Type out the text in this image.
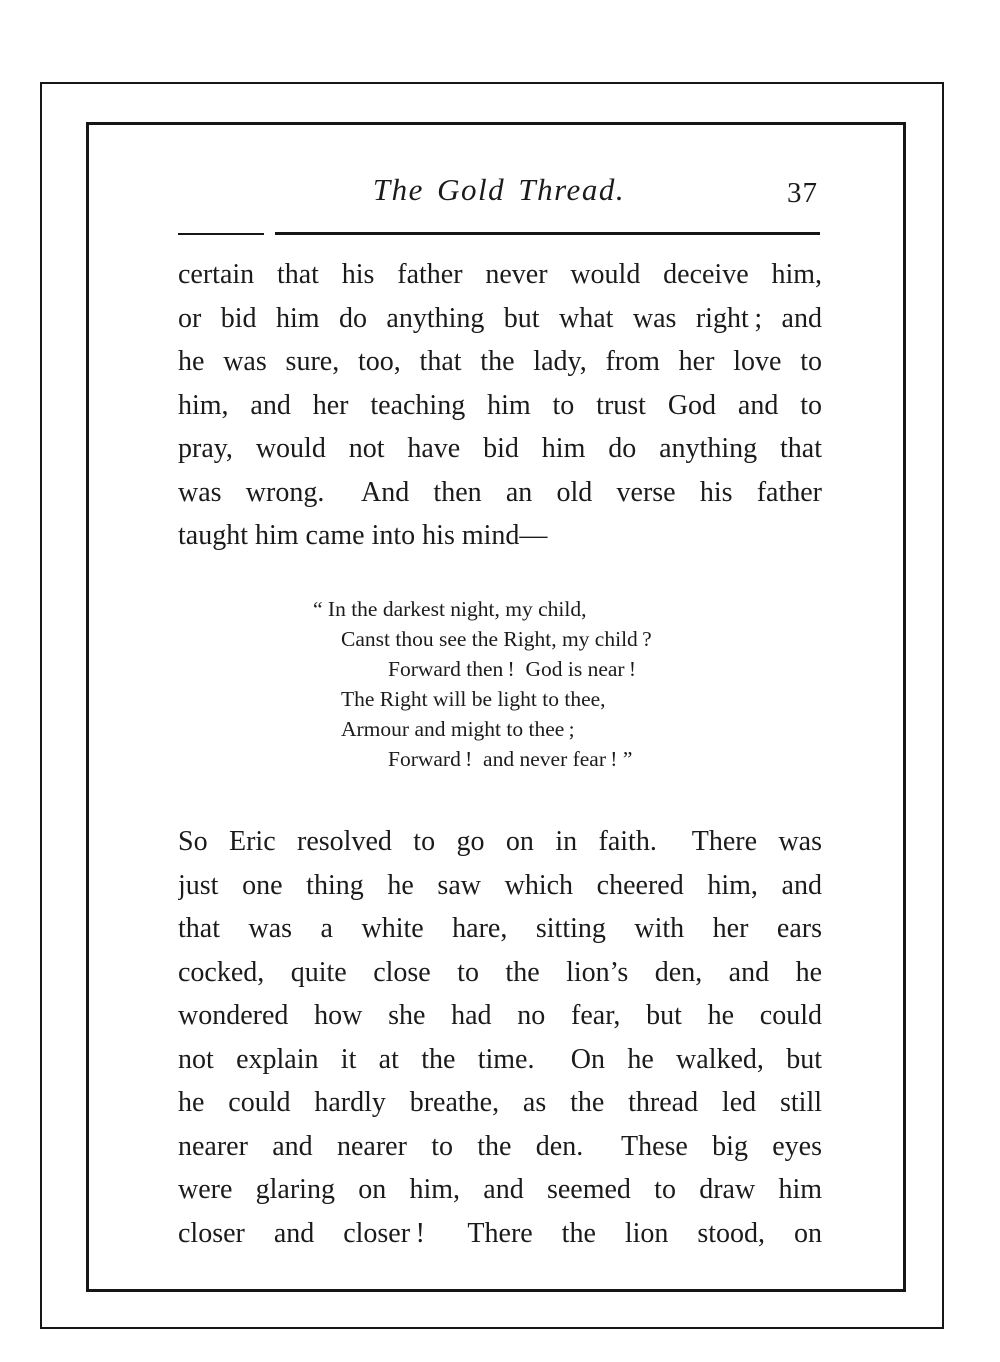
The Gold Thread.	37
certain that his father never would deceive him,
or bid him do anything but what was right ; and
he was sure, too, that the lady, from her love to
him, and her teaching him to trust God and to
pray, would not have bid him do anything that
was wrong.  And then an old verse his father
taught him came into his mind—
“ In the darkest night, my child,
Canst thou see the Right, my child ?
Forward then ! God is near !
The Right will be light to thee,
Armour and might to thee ;
Forward ! and never fear ! ”
So Eric resolved to go on in faith.  There was
just one thing he saw which cheered him, and
that was a white hare, sitting with her ears
cocked, quite close to the lion’s den, and he
wondered how she had no fear, but he could
not explain it at the time.  On he walked, but
he could hardly breathe, as the thread led still
nearer and nearer to the den.  These big eyes
were glaring on him, and seemed to draw him
closer and closer !  There the lion stood, on
